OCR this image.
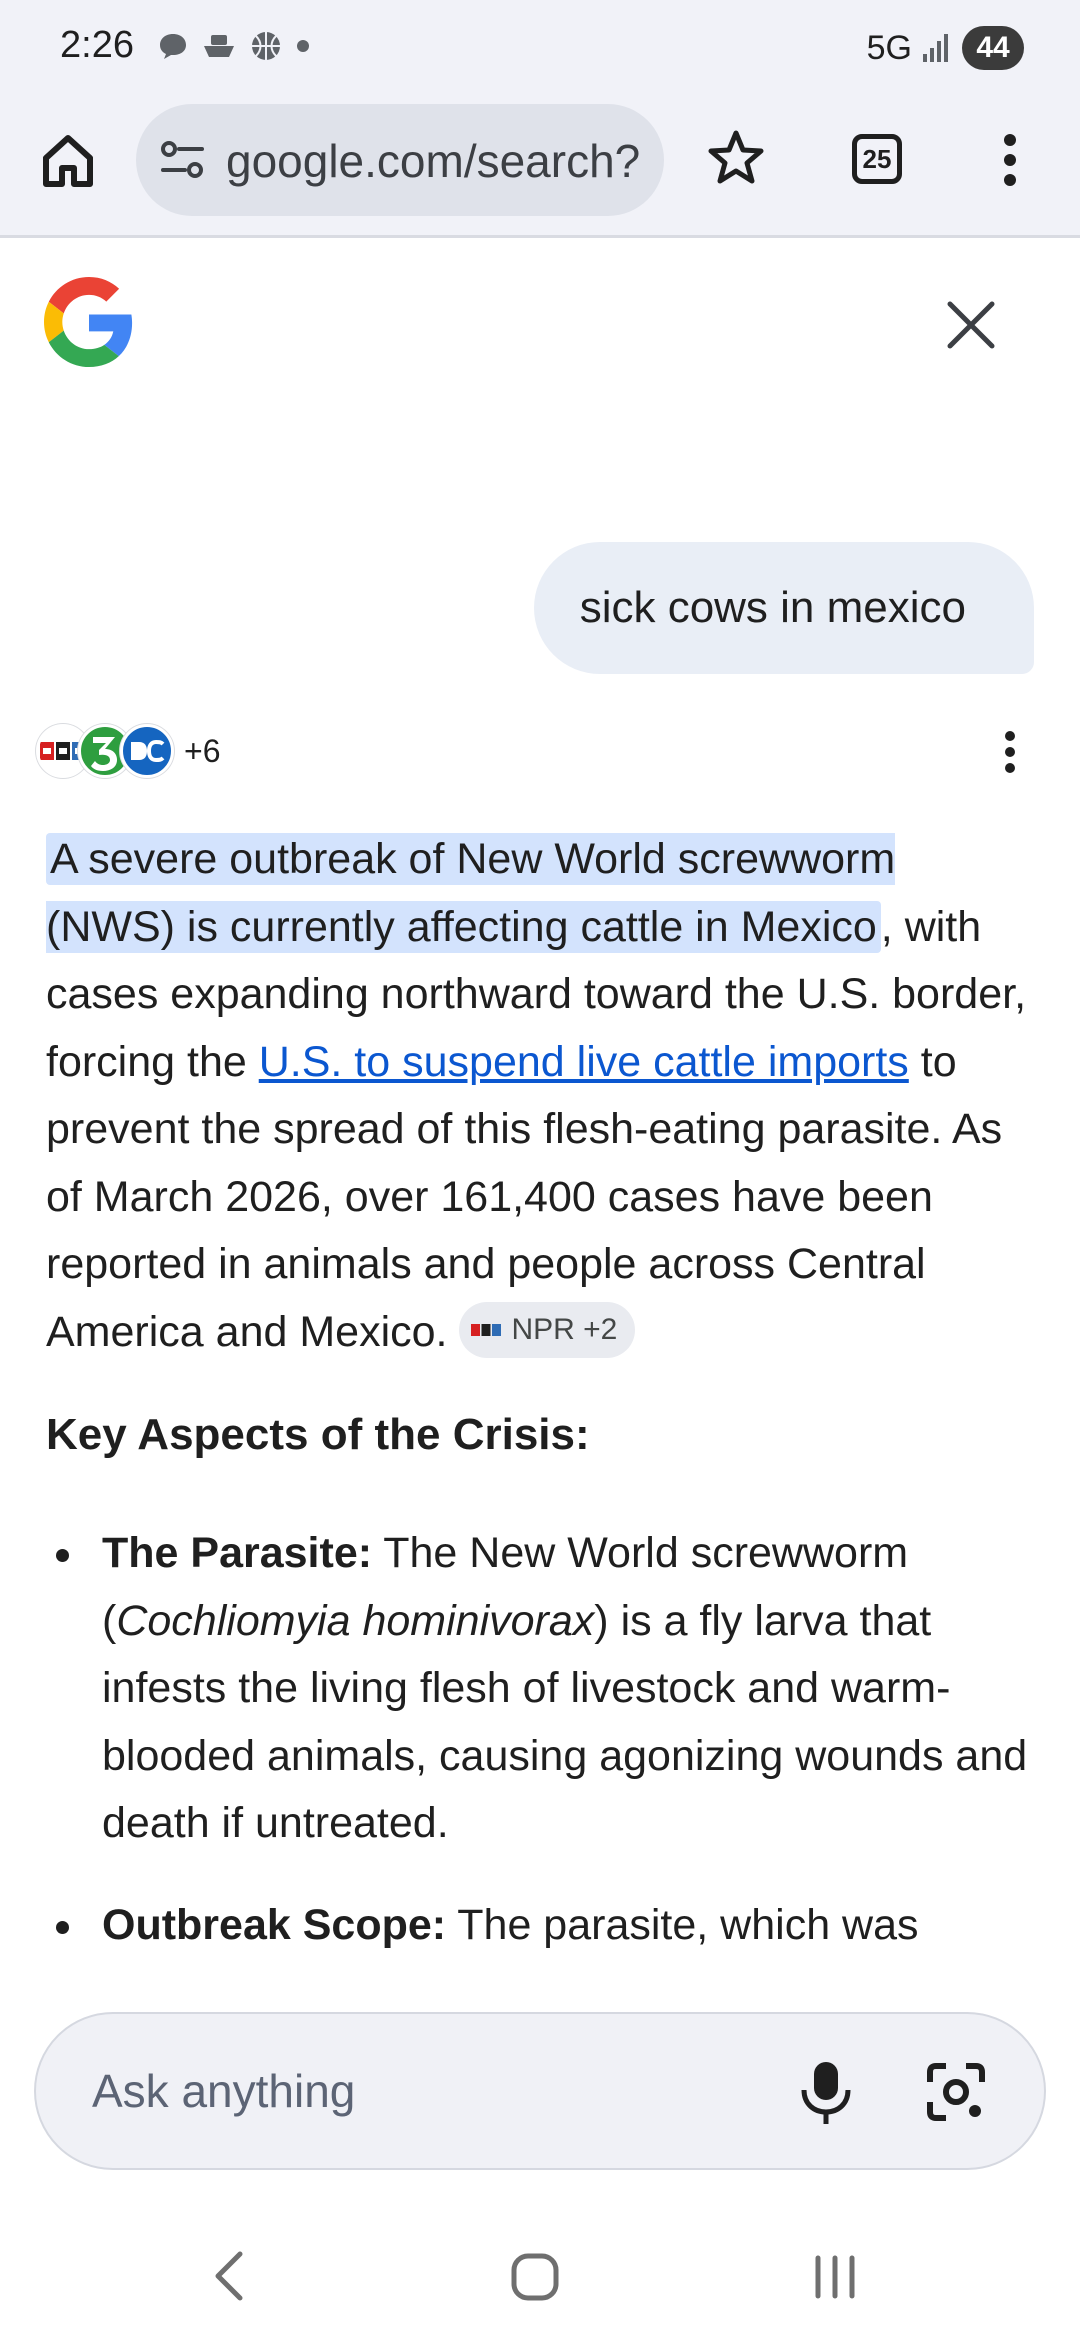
2:26	5G	44
google.com/search?	25
sick cows in mexico
+6

A severe outbreak of New World screwworm (NWS) is currently affecting cattle in Mexico, with cases expanding northward toward the U.S. border, forcing the U.S. to suspend live cattle imports to prevent the spread of this flesh-eating parasite. As of March 2026, over 161,400 cases have been reported in animals and people across Central America and Mexico. NPR +2

Key Aspects of the Crisis:
The Parasite: The New World screwworm (Cochliomyia hominivorax) is a fly larva that infests the living flesh of livestock and warm-blooded animals, causing agonizing wounds and death if untreated.
Outbreak Scope: The parasite, which was
Ask anything
